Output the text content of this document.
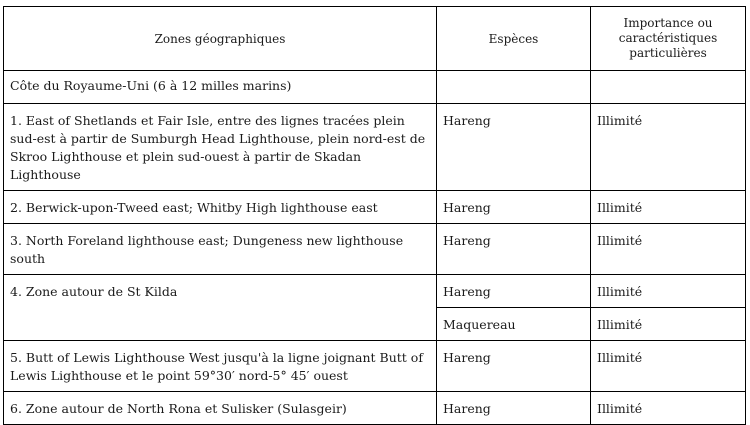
Zones géographiques	Espèces	Importance ou caractéristiques particulières
Côte du Royaume-Uni (6 à 12 milles marins)		
1. East of Shetlands et Fair Isle, entre des lignes tracées plein sud-est à partir de Sumburgh Head Lighthouse, plein nord-est de Skroo Lighthouse et plein sud-ouest à partir de Skadan Lighthouse	Hareng	Illimité
2. Berwick-upon-Tweed east; Whitby High lighthouse east	Hareng	Illimité
3. North Foreland lighthouse east; Dungeness new lighthouse south	Hareng	Illimité
4. Zone autour de St Kilda	Hareng	Illimité
	Maquereau	Illimité
5. Butt of Lewis Lighthouse West jusqu'à la ligne joignant Butt of Lewis Lighthouse et le point 59°30′ nord-5° 45′ ouest	Hareng	Illimité
6. Zone autour de North Rona et Sulisker (Sulasgeir)	Hareng	Illimité
